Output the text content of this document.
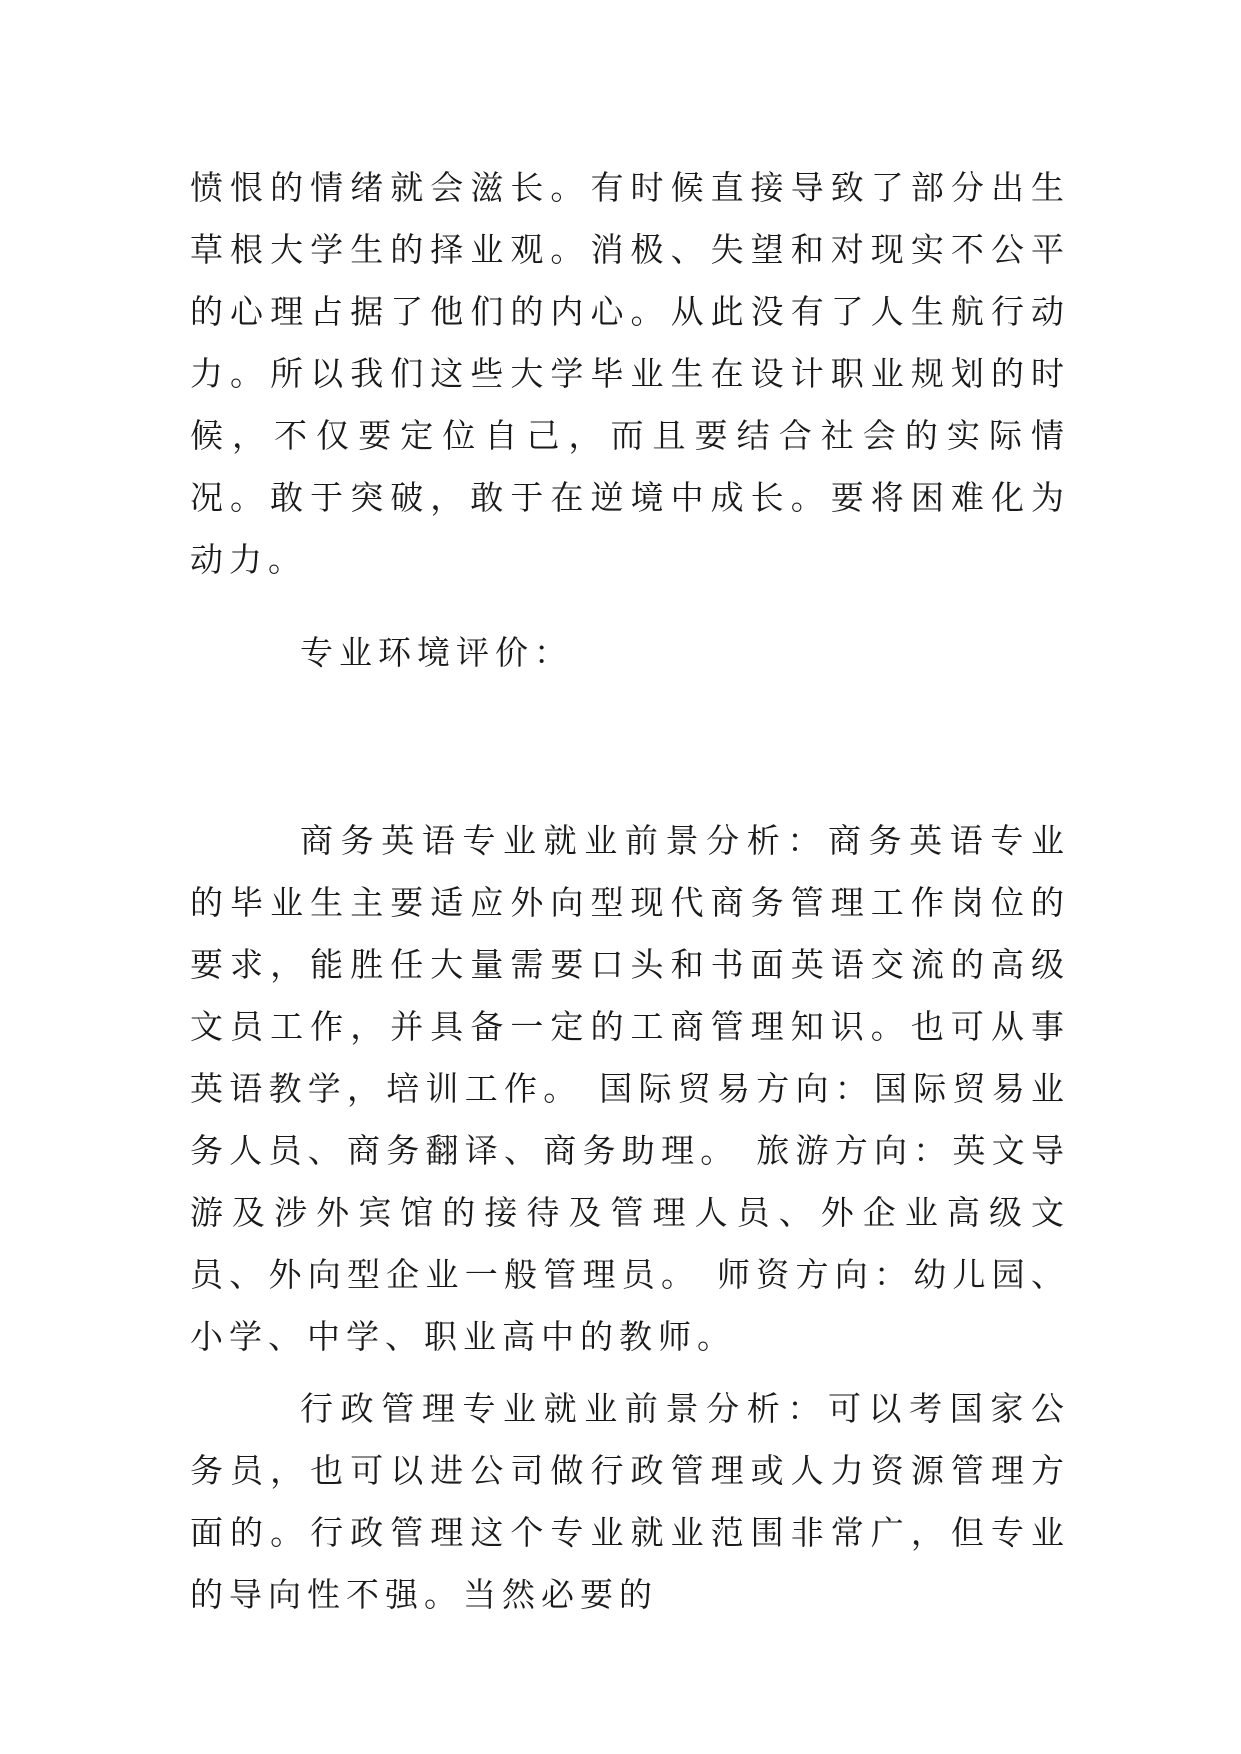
愤恨的情绪就会滋长。有时候直接导致了部分出生草根大学生的择业观。消极、失望和对现实不公平的心理占据了他们的内心。从此没有了人生航行动力。所以我们这些大学毕业生在设计职业规划的时候，不仅要定位自己，而且要结合社会的实际情况。敢于突破，敢于在逆境中成长。要将困难化为动力。

专业环境评价：

商务英语专业就业前景分析：商务英语专业的毕业生主要适应外向型现代商务管理工作岗位的要求，能胜任大量需要口头和书面英语交流的高级文员工作，并具备一定的工商管理知识。也可从事英语教学，培训工作。 国际贸易方向：国际贸易业务人员、商务翻译、商务助理。 旅游方向：英文导游及涉外宾馆的接待及管理人员、外企业高级文员、外向型企业一般管理员。 师资方向：幼儿园、小学、中学、职业高中的教师。

行政管理专业就业前景分析：可以考国家公务员，也可以进公司做行政管理或人力资源管理方面的。行政管理这个专业就业范围非常广，但专业的导向性不强。当然必要的
